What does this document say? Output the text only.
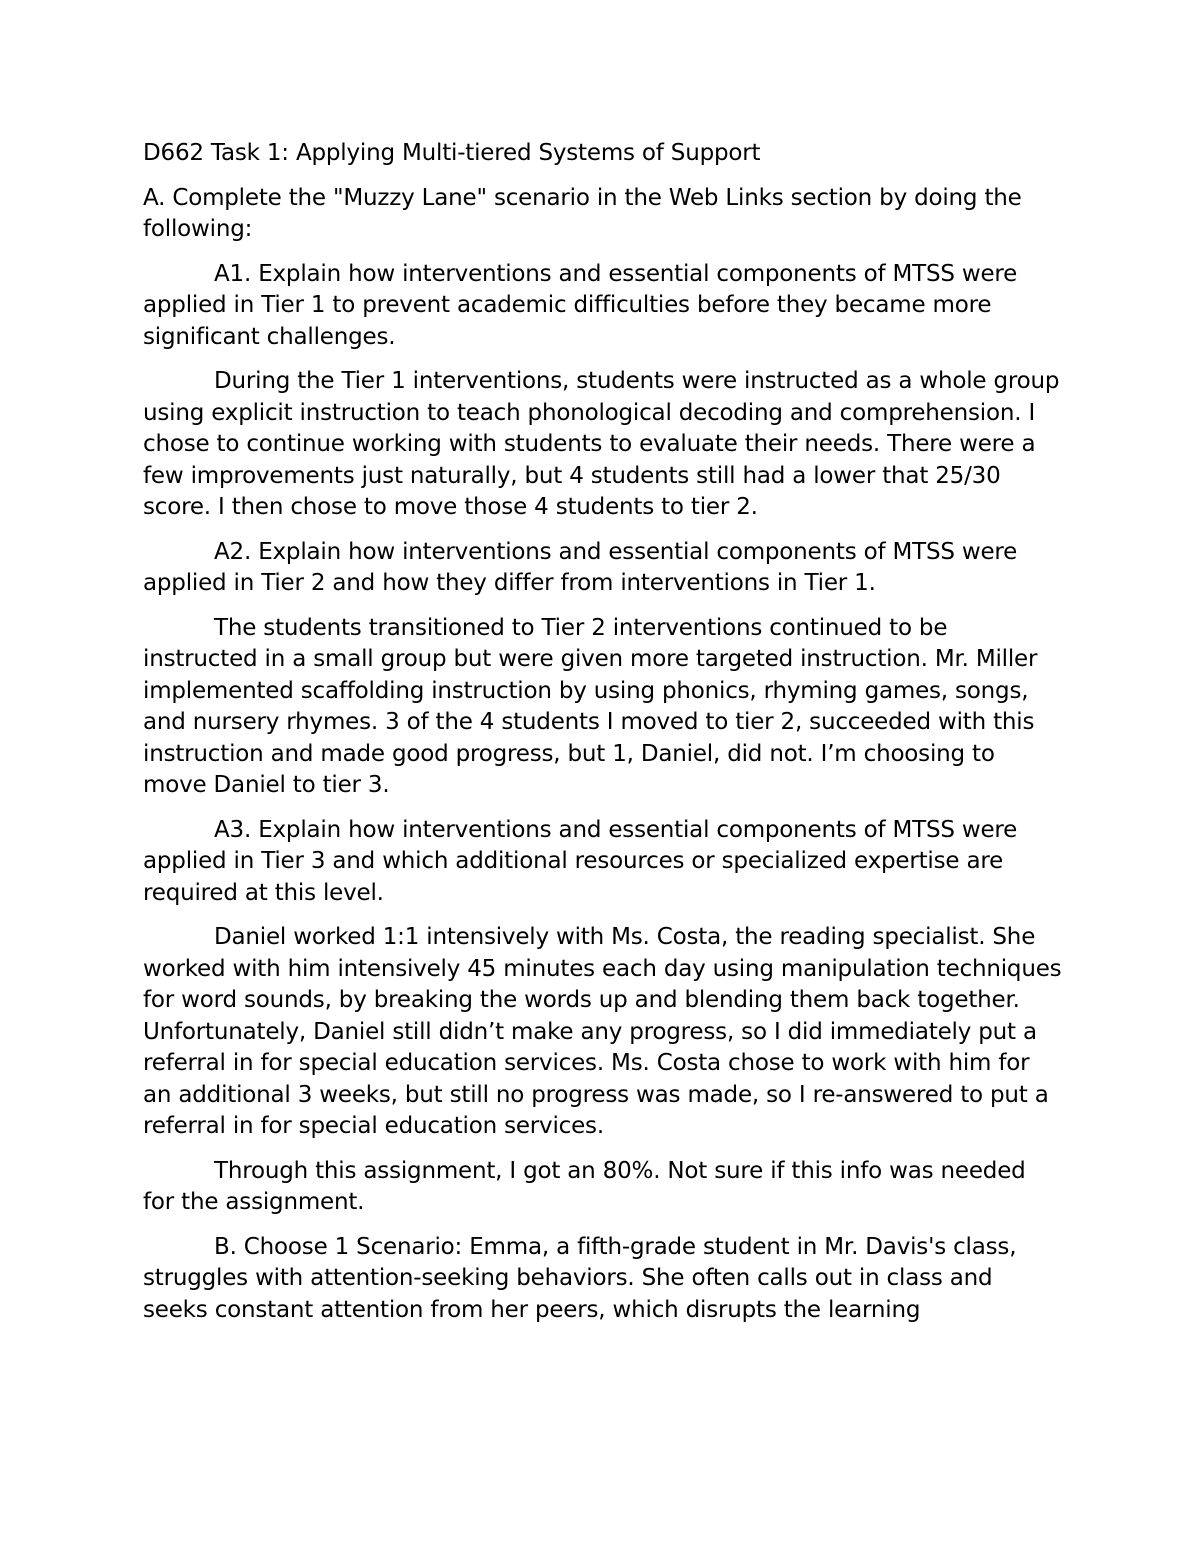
D662 Task 1: Applying Multi-tiered Systems of Support

A. Complete the "Muzzy Lane" scenario in the Web Links section by doing the following:

A1. Explain how interventions and essential components of MTSS were applied in Tier 1 to prevent academic difficulties before they became more significant challenges.

During the Tier 1 interventions, students were instructed as a whole group using explicit instruction to teach phonological decoding and comprehension. I chose to continue working with students to evaluate their needs. There were a few improvements just naturally, but 4 students still had a lower that 25/30 score. I then chose to move those 4 students to tier 2.

A2. Explain how interventions and essential components of MTSS were applied in Tier 2 and how they differ from interventions in Tier 1.

The students transitioned to Tier 2 interventions continued to be instructed in a small group but were given more targeted instruction. Mr. Miller implemented scaffolding instruction by using phonics, rhyming games, songs, and nursery rhymes. 3 of the 4 students I moved to tier 2, succeeded with this instruction and made good progress, but 1, Daniel, did not. I’m choosing to move Daniel to tier 3.

A3. Explain how interventions and essential components of MTSS were applied in Tier 3 and which additional resources or specialized expertise are required at this level.

Daniel worked 1:1 intensively with Ms. Costa, the reading specialist. She worked with him intensively 45 minutes each day using manipulation techniques for word sounds, by breaking the words up and blending them back together. Unfortunately, Daniel still didn’t make any progress, so I did immediately put a referral in for special education services. Ms. Costa chose to work with him for an additional 3 weeks, but still no progress was made, so I re-answered to put a referral in for special education services.

Through this assignment, I got an 80%. Not sure if this info was needed for the assignment.

B. Choose 1 Scenario: Emma, a fifth-grade student in Mr. Davis's class, struggles with attention-seeking behaviors. She often calls out in class and seeks constant attention from her peers, which disrupts the learning
